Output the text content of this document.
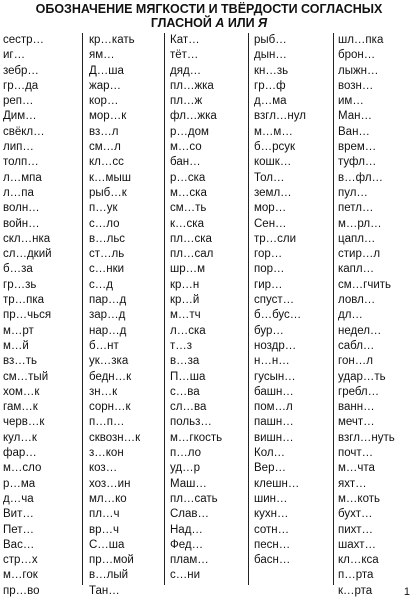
ОБОЗНАЧЕНИЕ МЯГКОСТИ И ТВЁРДОСТИ СОГЛАСНЫХ
ГЛАСНОЙ А ИЛИ Я
сестр…
иг…
зебр…
гр…да
реп…
Дим…
свёкл…
лип…
толп…
л…мпа
л…па
волн…
войн…
скл…нка
сл…дкий
б…за
гр…зь
тр…пка
пр…чься
м…рт
м…й
вз…ть
см…тый
хом…к
гам…к
черв…к
кул…к
фар…
м…сло
р…ма
д…ча
Вит…
Пет…
Вас…
стр…х
м…гок
пр…во
кр…кать
ям…
Д…ша
жар…
кор…
мор…к
вз…л
см…л
кл…сс
к…мыш
рыб…к
п…ук
с…ло
в…льс
ст…ль
с…нки
с…д
пар…д
зар…д
нар…д
б…нт
ук…зка
бедн…к
зн…к
сорн…к
п…п…
сквозн…к
з…кон
коз…
хоз…ин
мл…ко
пл…ч
вр…ч
С…ша
пр…мой
в…лый
Тан…
Кат…
тёт…
дяд…
пл…жка
пл…ж
фл…жка
р…дом
м…со
бан…
р…ска
м…ска
см…ть
к…ска
пл…ска
пл…сал
шр…м
кр…н
кр…й
м…тч
л…ска
т…з
в…за
П…ша
с…ва
сл…ва
польз…
м…гкость
п…ло
уд…р
Маш…
пл…сать
Слав…
Над…
Фед…
плам…
с…ни
рыб…
дын…
кн…зь
гр…ф
д…ма
взгл…нул
м…м…
б…рсук
кошк…
Тол…
земл…
мор…
Сен…
тр…сли
гор…
пор…
гир…
спуст…
б…бус…
бур…
ноздр…
н…н…
гусын…
башн…
пом…л
пашн…
вишн…
Кол…
Вер…
клешн…
шин…
кухн…
сотн…
песн…
басн…
шл…пка
брон…
лыжн…
возн…
им…
Ман…
Ван…
врем…
туфл…
в…фл…
пул…
петл…
м…рл…
цапл…
стир…л
капл…
см…гчить
ловл…
дл…
недел…
сабл…
гон…л
удар…ть
гребл…
ванн…
мечт…
взгл…нуть
почт…
м…чта
яхт…
м…коть
бухт…
пихт…
шахт…
кл…кса
п…рта
к…рта	1
